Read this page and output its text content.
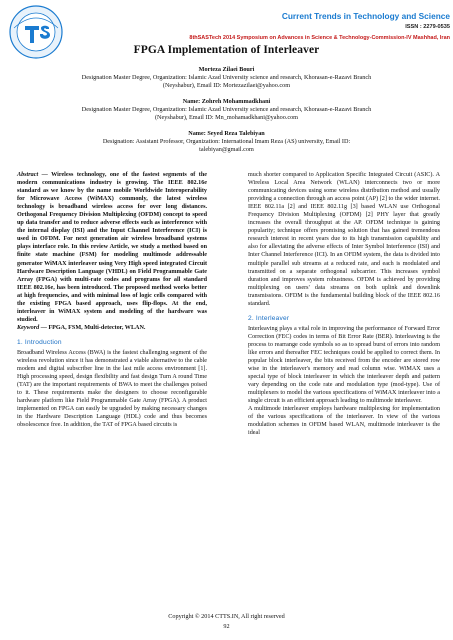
Current Trends in Technology and Science
ISSN : 2279-0535
8thSASTech 2014 Symposium on Advances in Science & Technology-Commission-IV Mashhad, Iran
FPGA Implementation of Interleaver
Morteza Zilaei Bouri
Designation Master Degree, Organization: Islamic Azad University science and research, Khorasan-e-Razavi Branch
(Neyshabur), Email ID: Mortezazilaei@yahoo.com
Name: Zohreh Mohammadkhani
Designation Master Degree, Organization: Islamic Azad University science and research, Khorasan-e-Razavi Branch
(Neyshabur), Email ID: Mn_mohamadkhani@yahoo.com
Name: Seyed Reza Talebiyan
Designation: Assistant Professor, Organization: International Imam Reza (AS) university, Email ID:
talebiyan@gmail.com

Abstract — Wireless technology, one of the fastest segments of the modern communications industry is growing. The IEEE 802.16e standard as we know by the name mobile Worldwide Interoperability for Microwave Access (WiMAX) commonly, the latest wireless technology is broadband wireless access for over long distances. Orthogonal Frequency Division Multiplexing (OFDM) concept to speed up data transfer and to reduce adverse effects such as interference with the internal display (ISI) and the Input Channel Interference (ICI) is used in OFDM. For next generation air wireless broadband systems plays interface role. In this review Article, we study a method based on finite state machine (FSM) for modeling multimode addressable generator WiMAX interleaver using Very High speed integrated Circuit Hardware Description Language (VHDL) on Field Programmable Gate Array (FPGA) with multi-rate codes and programs for all standard IEEE 802.16e, has been introduced. The proposed method works better at high frequencies, and with minimal loss of logic cells compared with the existing FPGA based approach, uses flip-flops. At the end, interleaver in WiMAX system and modeling of the hardware was studied.

Keyword — FPGA, FSM, Multi-detector, WLAN.

1. Introduction

Broadband Wireless Access (BWA) is the fastest challenging segment of the wireless revolution since it has demonstrated a viable alternative to the cable modem and digital subscriber line in the last mile access environment [1]. High processing speed, design flexibility and fast design Turn A round Time (TAT) are the important requirements of BWA to meet the challenges poised to it. These requirements make the designers to choose reconfigurable hardware platform like Field Programmable Gate Array (FPGA). A product implemented on FPGA can easily be upgraded by making necessary changes in the Hardware Description Language (HDL) code and thus becomes obsolescence free. In addition, the TAT of FPGA based circuits is

much shorter compared to Application Specific Integrated Circuit (ASIC). A Wireless Local Area Network (WLAN) interconnects two or more communicating devices using some wireless distribution method and usually providing a connection through an access point (AP) [2] to the wider internet. IEEE 802.11a [2] and IEEE 802.11g [3] based WLAN use Orthogonal Frequency Division Multiplexing (OFDM) [2] PHY layer that greatly increases the overall throughput at the AP. OFDM technique is gaining popularity; technique offers promising solution that has gained tremendous research interest in recent years due to its high transmission capability and also for alleviating the adverse effects of Inter Symbol Interference (ISI) and Inter Channel Interference (ICI). In an OFDM system, the data is divided into multiple parallel sub streams at a reduced rate, and each is modulated and transmitted on a separate orthogonal subcarrier. This increases symbol duration and improves system robustness. OFDM is achieved by providing multiplexing on users' data streams on both uplink and downlink transmissions. OFDM is the fundamental building block of the IEEE 802.16 standard.

2. Interleaver

Interleaving plays a vital role in improving the performance of Forward Error Correction (FEC) codes in terms of Bit Error Rate (BER). Interleaving is the process to rearrange code symbols so as to spread burst of errors into random like errors and thereafter FEC techniques could be applied to correct them. In popular block interleaver, the bits received from the encoder are stored row wise in the interleaver's memory and read column wise. WiMAX uses a special type of block interleaver in which the interleaver depth and pattern vary depending on the code rate and modulation type (mod-type). Use of multiplexers to model the various specifications of WiMAX interleaver into a single circuit is an efficient approach leading to multimode interleaver.

A multimode interleaver employs hardware multiplexing for implementation of the various specifications of the interleaver. In view of the various modulation schemes in OFDM based WLAN, multimode interleaver is the ideal

Copyright © 2014 CTTS.IN, All right reserved
92
